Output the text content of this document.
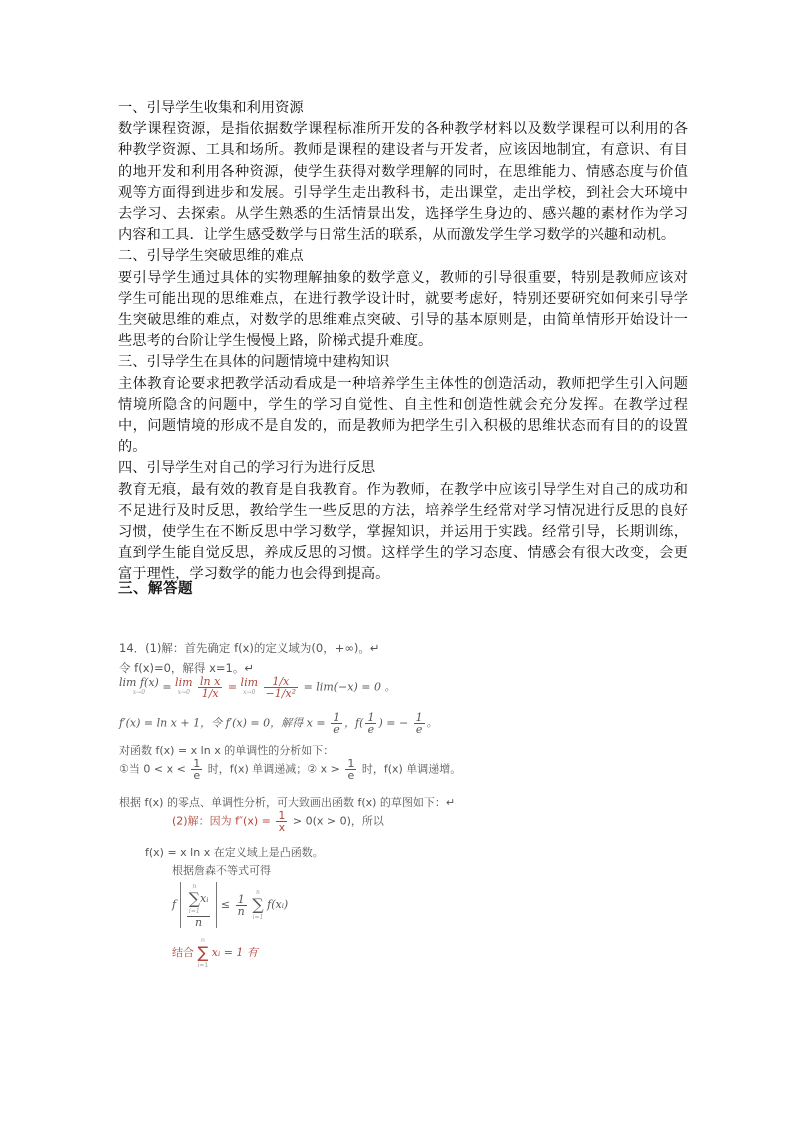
一、引导学生收集和利用资源

数学课程资源，是指依据数学课程标准所开发的各种教学材料以及数学课程可以利用的各种教学资源、工具和场所。教师是课程的建设者与开发者，应该因地制宜，有意识、有目的地开发和利用各种资源，使学生获得对数学理解的同时，在思维能力、情感态度与价值观等方面得到进步和发展。引导学生走出教科书，走出课堂，走出学校，到社会大环境中去学习、去探索。从学生熟悉的生活情景出发，选择学生身边的、感兴趣的素材作为学习内容和工具．让学生感受数学与日常生活的联系，从而激发学生学习数学的兴趣和动机。

二、引导学生突破思维的难点

要引导学生通过具体的实物理解抽象的数学意义，教师的引导很重要，特别是教师应该对学生可能出现的思维难点，在进行教学设计时，就要考虑好，特别还要研究如何来引导学生突破思维的难点，对数学的思维难点突破、引导的基本原则是，由简单情形开始设计一些思考的台阶让学生慢慢上路，阶梯式提升难度。

三、引导学生在具体的问题情境中建构知识

主体教育论要求把教学活动看成是一种培养学生主体性的创造活动，教师把学生引入问题情境所隐含的问题中，学生的学习自觉性、自主性和创造性就会充分发挥。在教学过程中，问题情境的形成不是自发的，而是教师为把学生引入积极的思维状态而有目的的设置的。

四、引导学生对自己的学习行为进行反思

教育无痕，最有效的教育是自我教育。作为教师，在教学中应该引导学生对自己的成功和不足进行及时反思，教给学生一些反思的方法，培养学生经常对学习情况进行反思的良好习惯，使学生在不断反思中学习数学，掌握知识，并运用于实践。经常引导，长期训练，直到学生能自觉反思，养成反思的习惯。这样学生的学习态度、情感会有很大改变，会更富于理性，学习数学的能力也会得到提高。

三、解答题
14．(1)解：首先确定 f(x)的定义域为(0，+∞)。↵
令 f(x)=0，解得 x=1。↵
lim f(x)
x→0	= lim
x→0
$\frac{\text{ln x}}{1/x} = \lim$
x→0
$\frac{1/x}{\text{−1/x²}} = \lim(-x) = 0$ 。
f′(x) = ln x + 1，令 f′(x) = 0，解得 $x = \frac{1}{e}$ ，$f( \frac{1}{e}$ ) = − $\frac{1}{e}$ 。
对函数 f(x) = x ln x 的单调性的分析如下：
①当 $0 < x < \frac{1}{e}$ 时，f(x) 单调递减；② $x > \frac{1}{e}$ 时，f(x) 单调递增。
根据 f(x) 的零点、单调性分析，可大致画出函数 f(x) 的草图如下：↵
(2)解：因为 $f''(x) = \frac{1}{x} > 0(x > 0)$，所以
f(x) = x ln x 在定义域上是凸函数。
根据詹森不等式可得
f n
∑
i=1
xᵢ
$n \le \frac{1}{n}$

n
∑
i=1
f(xᵢ)
结合
n
∑
i=1
xᵢ = 1 有
